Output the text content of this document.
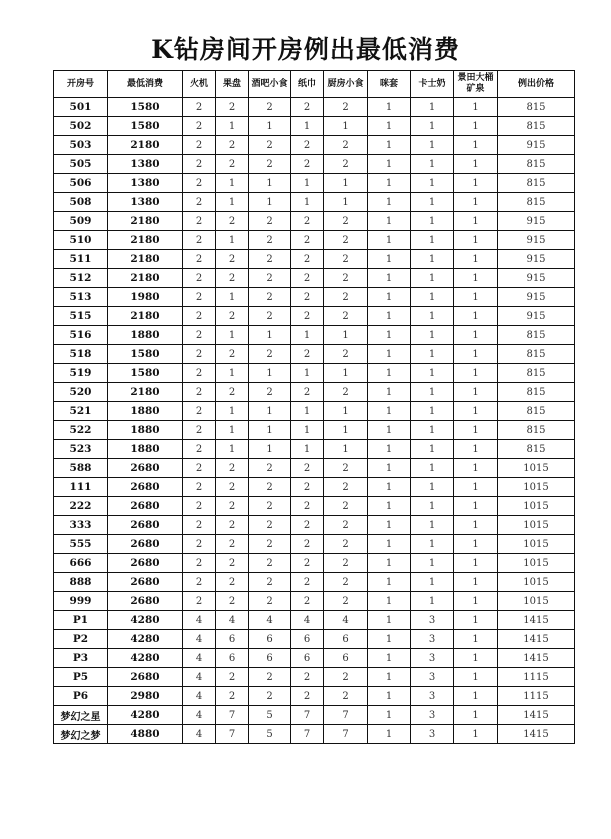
K钻房间开房例出最低消费
开房号	最低消费	火机	果盘	酒吧小食	纸巾	厨房小食	咪套	卡士奶	景田大桶矿泉	例出价格
501	1580	2	2	2	2	2	1	1	1	815
502	1580	2	1	1	1	1	1	1	1	815
503	2180	2	2	2	2	2	1	1	1	915
505	1380	2	2	2	2	2	1	1	1	815
506	1380	2	1	1	1	1	1	1	1	815
508	1380	2	1	1	1	1	1	1	1	815
509	2180	2	2	2	2	2	1	1	1	915
510	2180	2	1	2	2	2	1	1	1	915
511	2180	2	2	2	2	2	1	1	1	915
512	2180	2	2	2	2	2	1	1	1	915
513	1980	2	1	2	2	2	1	1	1	915
515	2180	2	2	2	2	2	1	1	1	915
516	1880	2	1	1	1	1	1	1	1	815
518	1580	2	2	2	2	2	1	1	1	815
519	1580	2	1	1	1	1	1	1	1	815
520	2180	2	2	2	2	2	1	1	1	815
521	1880	2	1	1	1	1	1	1	1	815
522	1880	2	1	1	1	1	1	1	1	815
523	1880	2	1	1	1	1	1	1	1	815
588	2680	2	2	2	2	2	1	1	1	1015
111	2680	2	2	2	2	2	1	1	1	1015
222	2680	2	2	2	2	2	1	1	1	1015
333	2680	2	2	2	2	2	1	1	1	1015
555	2680	2	2	2	2	2	1	1	1	1015
666	2680	2	2	2	2	2	1	1	1	1015
888	2680	2	2	2	2	2	1	1	1	1015
999	2680	2	2	2	2	2	1	1	1	1015
P1	4280	4	4	4	4	4	1	3	1	1415
P2	4280	4	6	6	6	6	1	3	1	1415
P3	4280	4	6	6	6	6	1	3	1	1415
P5	2680	4	2	2	2	2	1	3	1	1115
P6	2980	4	2	2	2	2	1	3	1	1115
梦幻之星	4280	4	7	5	7	7	1	3	1	1415
梦幻之梦	4880	4	7	5	7	7	1	3	1	1415
